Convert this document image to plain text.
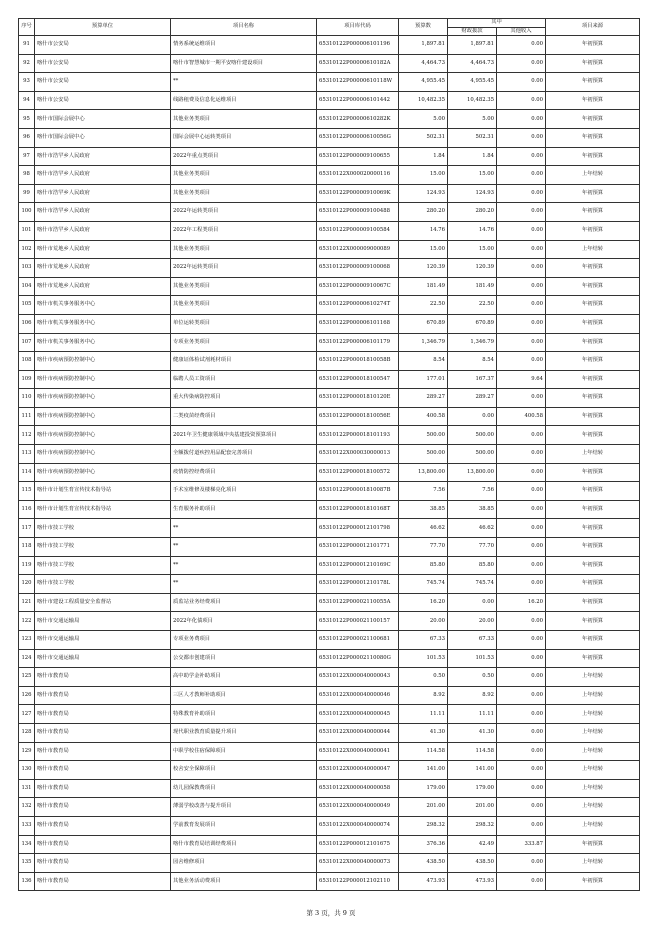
序号	预算单位	项目名称	项目库代码	预算数	其中		项目来源
					财政拨款	其他收入	
91	喀什市公安局	情务系统运维项目	65310122P000006101196	1,897.81	1,897.81	0.00	年初预算
92	喀什市公安局	喀什市智慧城市一期平安喀什建设项目	65310122P00000610182A	4,464.73	4,464.73	0.00	年初预算
93	喀什市公安局	**	65310122P00000610118W	4,955.45	4,955.45	0.00	年初预算
94	喀什市公安局	线路租费及信息化运维项目	65310122P000006101442	10,482.35	10,482.35	0.00	年初预算
95	喀什市国际会展中心	其他业务类项目	65310122P00000610282K	5.00	5.00	0.00	年初预算
96	喀什市国际会展中心	国际会展中心运转类项目	65310122P00000610056G	502.31	502.31	0.00	年初预算
97	喀什市浩罕乡人民政府	2022年重点类项目	65310122P000009100655	1.84	1.84	0.00	年初预算
98	喀什市浩罕乡人民政府	其他业务类项目	65310122X000020000116	15.00	15.00	0.00	上年结转
99	喀什市浩罕乡人民政府	其他业务类项目	65310122P00000910069K	124.93	124.93	0.00	年初预算
100	喀什市浩罕乡人民政府	2022年运转类项目	65310122P000009100488	280.20	280.20	0.00	年初预算
101	喀什市浩罕乡人民政府	2022年工程类项目	65310122P000009100584	14.76	14.76	0.00	年初预算
102	喀什市荒地乡人民政府	其他业务类项目	65310122X000009000089	15.00	15.00	0.00	上年结转
103	喀什市荒地乡人民政府	2022年运转类项目	65310122P000009100068	120.39	120.39	0.00	年初预算
104	喀什市荒地乡人民政府	其他业务类项目	65310122P00000910067C	181.49	181.49	0.00	年初预算
105	喀什市机关事务服务中心	其他业务类项目	65310122P00000610274T	22.50	22.50	0.00	年初预算
106	喀什市机关事务服务中心	单位运转类项目	65310122P000006101168	670.89	670.89	0.00	年初预算
107	喀什市机关事务服务中心	专项业务类项目	65310122P000006101179	1,346.79	1,346.79	0.00	年初预算
108	喀什市疾病预防控制中心	健康证体检试剂耗材项目	65310122P00001810058B	8.54	8.54	0.00	年初预算
109	喀什市疾病预防控制中心	临聘人员工资项目	65310122P000018100547	177.01	167.37	9.64	年初预算
110	喀什市疾病预防控制中心	重大传染病防控项目	65310122P00001810120E	289.27	289.27	0.00	年初预算
111	喀什市疾病预防控制中心	二类疫苗经费项目	65310122P00001810056E	400.58	0.00	400.58	年初预算
112	喀什市疾病预防控制中心	2021年卫生健康领域中央基建投资预算项目	65310122P000018101193	500.00	500.00	0.00	年初预算
113	喀什市疾病预防控制中心	全额拨付道疾控用品配套完善项目	65310122X000030000013	500.00	500.00	0.00	上年结转
114	喀什市疾病预防控制中心	疫情防控经费项目	65310122P000018100572	13,800.00	13,800.00	0.00	年初预算
115	喀什市计划生育宣传技术指导站	手术室维修及楼梯亮化项目	65310122P00001810087B	7.56	7.56	0.00	年初预算
116	喀什市计划生育宣传技术指导站	生育服务补助项目	65310122P00001810168T	38.85	38.85	0.00	年初预算
117	喀什市技工学校	**	65310122P000012101798	46.62	46.62	0.00	年初预算
118	喀什市技工学校	**	65310122P000012101771	77.70	77.70	0.00	年初预算
119	喀什市技工学校	**	65310122P00001210169C	85.80	85.80	0.00	年初预算
120	喀什市技工学校	**	65310122P00001210178L	745.74	745.74	0.00	年初预算
121	喀什市建设工程质量安全监督站	质监站业务经费项目	65310122P00002110055A	16.20	0.00	16.20	年初预算
122	喀什市交通运输局	2022年化债项目	65310122P000021100157	20.00	20.00	0.00	年初预算
123	喀什市交通运输局	专项业务费项目	65310122P000021100681	67.33	67.33	0.00	年初预算
124	喀什市交通运输局	公交都市创建项目	65310122P00002110080G	101.53	101.53	0.00	年初预算
125	喀什市教育局	高中助学金补助项目	65310122X000040000043	0.50	0.50	0.00	上年结转
126	喀什市教育局	三区人才教师补助项目	65310122X000040000046	8.92	8.92	0.00	上年结转
127	喀什市教育局	特殊教育补助项目	65310122X000040000045	11.11	11.11	0.00	上年结转
128	喀什市教育局	现代职业教育质量提升项目	65310122X000040000044	41.30	41.30	0.00	上年结转
129	喀什市教育局	中职学校住宿保障项目	65310122X000040000041	114.58	114.58	0.00	上年结转
130	喀什市教育局	校舍安全保障项目	65310122X000040000047	141.00	141.00	0.00	上年结转
131	喀什市教育局	幼儿园保教费项目	65310122X000040000058	179.00	179.00	0.00	上年结转
132	喀什市教育局	薄弱学校改善与提升项目	65310122X000040000049	201.00	201.00	0.00	上年结转
133	喀什市教育局	学前教育发展项目	65310122X000040000074	298.32	298.32	0.00	上年结转
134	喀什市教育局	喀什市教育局培训经费项目	65310122P000012101675	376.36	42.49	333.87	年初预算
135	喀什市教育局	园舍维修项目	65310122X000040000073	438.50	438.50	0.00	上年结转
136	喀什市教育局	其他业务活动费项目	65310122P000012102110	473.93	473.93	0.00	年初预算
第 3 页，共 9 页
